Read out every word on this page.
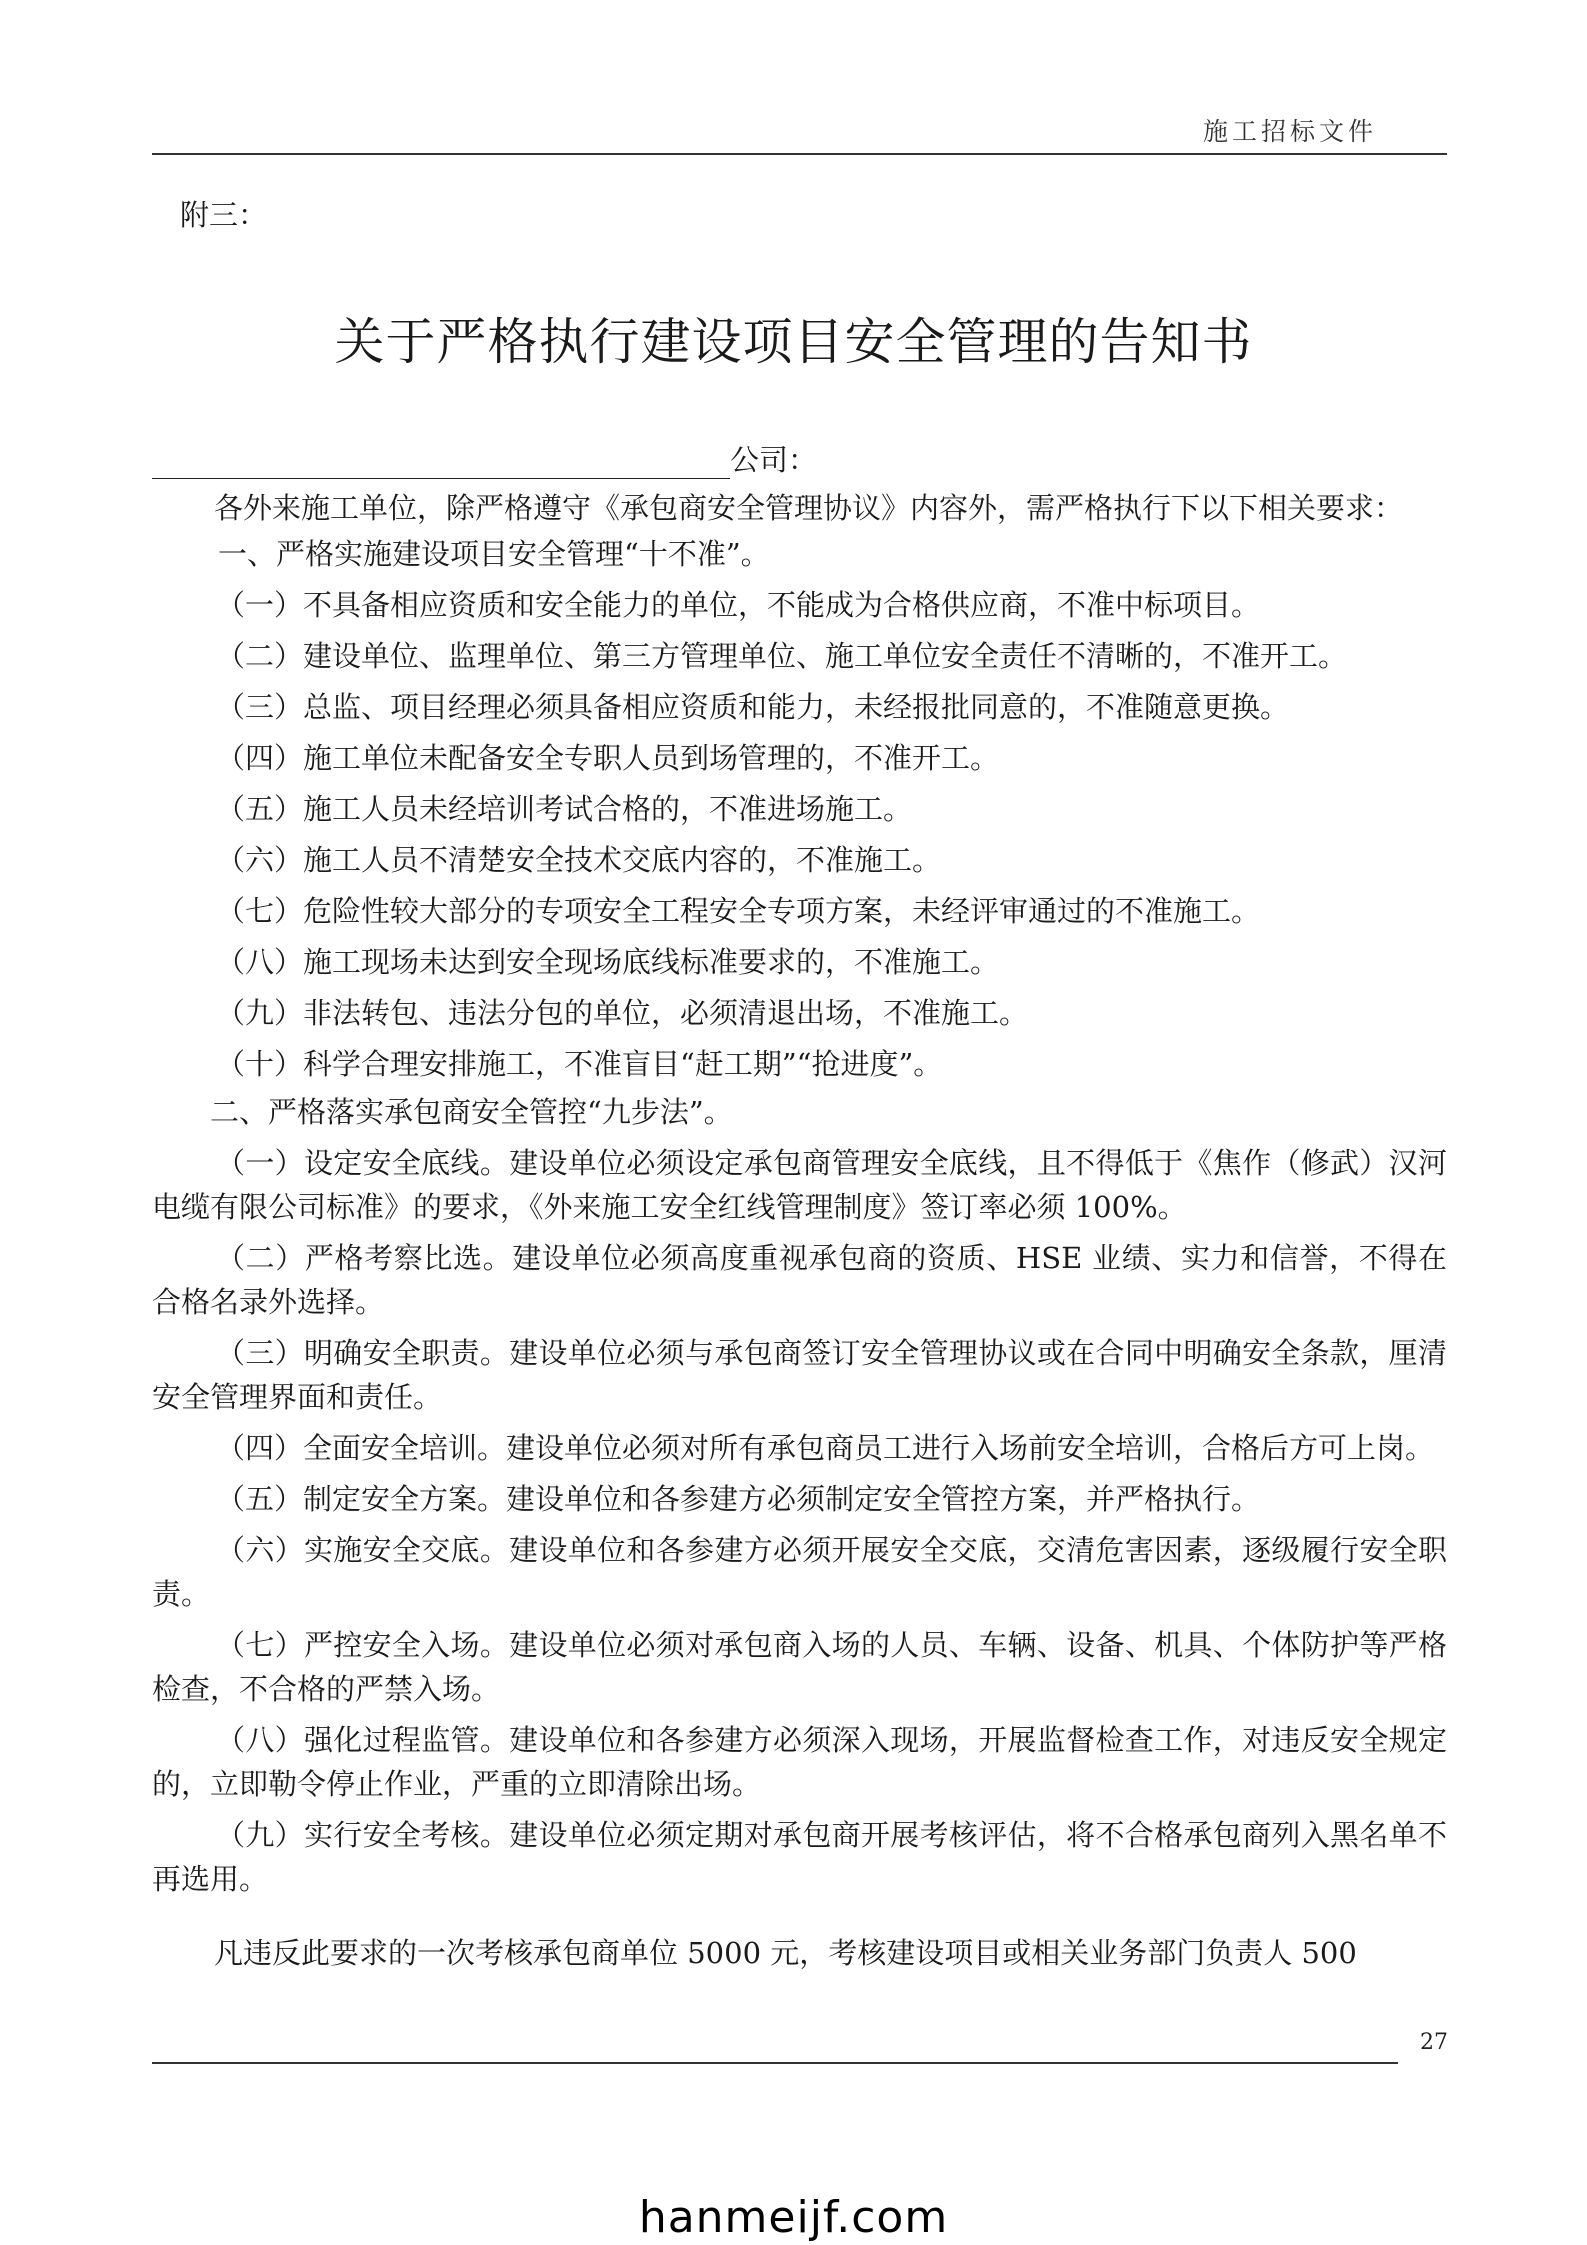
施工招标文件
附三：
关于严格执行建设项目安全管理的告知书
公司：

各外来施工单位，除严格遵守《承包商安全管理协议》内容外，需严格执行下以下相关要求：

一、严格实施建设项目安全管理“十不准”。

（一）不具备相应资质和安全能力的单位，不能成为合格供应商，不准中标项目。

（二）建设单位、监理单位、第三方管理单位、施工单位安全责任不清晰的，不准开工。

（三）总监、项目经理必须具备相应资质和能力，未经报批同意的，不准随意更换。

（四）施工单位未配备安全专职人员到场管理的，不准开工。

（五）施工人员未经培训考试合格的，不准进场施工。

（六）施工人员不清楚安全技术交底内容的，不准施工。

（七）危险性较大部分的专项安全工程安全专项方案，未经评审通过的不准施工。

（八）施工现场未达到安全现场底线标准要求的，不准施工。

（九）非法转包、违法分包的单位，必须清退出场，不准施工。

（十）科学合理安排施工，不准盲目“赶工期”“抢进度”。

二、严格落实承包商安全管控“九步法”。

（一）设定安全底线。建设单位必须设定承包商管理安全底线，且不得低于《焦作（修武）汉河电缆有限公司标准》的要求，《外来施工安全红线管理制度》签订率必须 100%。

（二）严格考察比选。建设单位必须高度重视承包商的资质、HSE 业绩、实力和信誉，不得在合格名录外选择。

（三）明确安全职责。建设单位必须与承包商签订安全管理协议或在合同中明确安全条款，厘清安全管理界面和责任。

（四）全面安全培训。建设单位必须对所有承包商员工进行入场前安全培训，合格后方可上岗。

（五）制定安全方案。建设单位和各参建方必须制定安全管控方案，并严格执行。

（六）实施安全交底。建设单位和各参建方必须开展安全交底，交清危害因素，逐级履行安全职责。

（七）严控安全入场。建设单位必须对承包商入场的人员、车辆、设备、机具、个体防护等严格检查，不合格的严禁入场。

（八）强化过程监管。建设单位和各参建方必须深入现场，开展监督检查工作，对违反安全规定的，立即勒令停止作业，严重的立即清除出场。

（九）实行安全考核。建设单位必须定期对承包商开展考核评估，将不合格承包商列入黑名单不再选用。

凡违反此要求的一次考核承包商单位 5000 元，考核建设项目或相关业务部门负责人 500

27
hanmeijf.com
